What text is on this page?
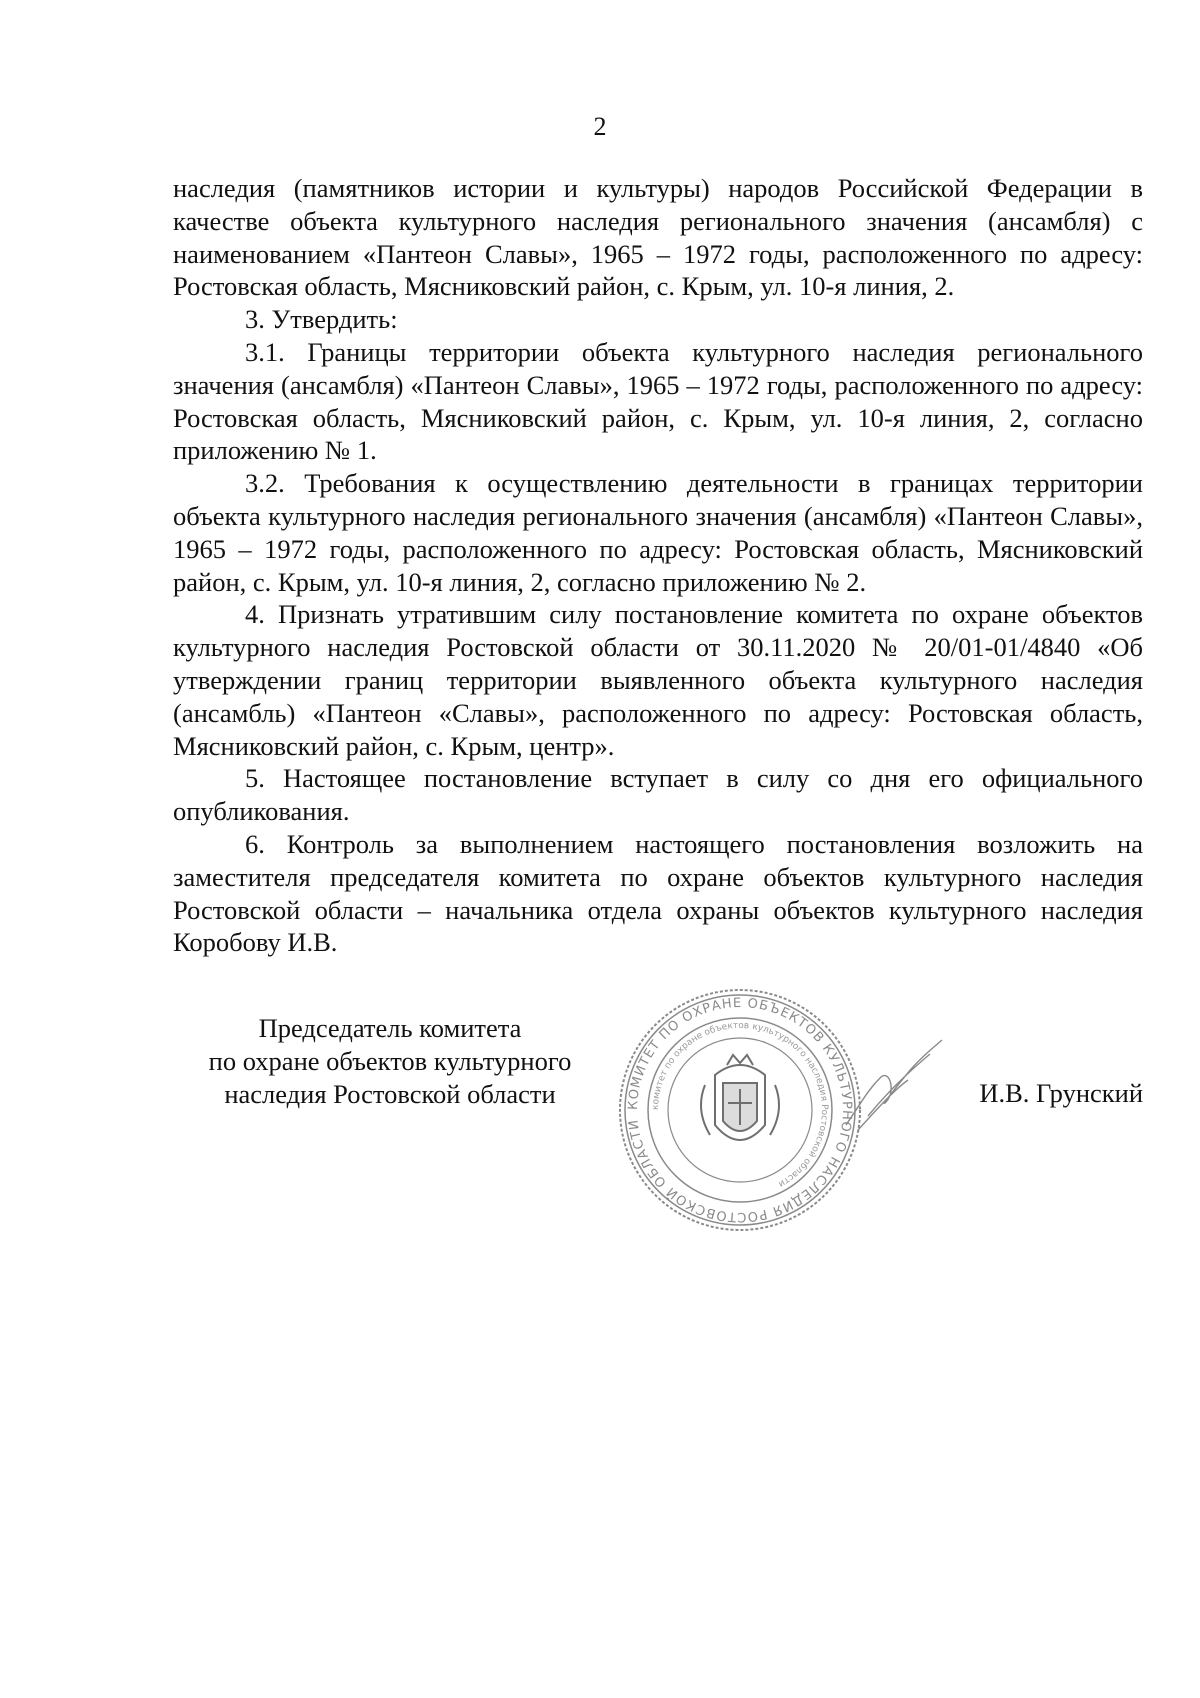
2

наследия (памятников истории и культуры) народов Российской Федерации в качестве объекта культурного наследия регионального значения (ансамбля) с наименованием «Пантеон Славы», 1965 – 1972 годы, расположенного по адресу: Ростовская область, Мясниковский район, с. Крым, ул. 10-я линия, 2.

3. Утвердить:

3.1. Границы территории объекта культурного наследия регионального значения (ансамбля) «Пантеон Славы», 1965 – 1972 годы, расположенного по адресу: Ростовская область, Мясниковский район, с. Крым, ул. 10-я линия, 2, согласно приложению № 1.

3.2. Требования к осуществлению деятельности в границах территории объекта культурного наследия регионального значения (ансамбля) «Пантеон Славы», 1965 – 1972 годы, расположенного по адресу: Ростовская область, Мясниковский район, с. Крым, ул. 10-я линия, 2, согласно приложению № 2.

4. Признать утратившим силу постановление комитета по охране объектов культурного наследия Ростовской области от 30.11.2020 № 20/01-01/4840 «Об утверждении границ территории выявленного объекта культурного наследия (ансамбль) «Пантеон «Славы», расположенного по адресу: Ростовская область, Мясниковский район, с. Крым, центр».

5. Настоящее постановление вступает в силу со дня его официального опубликования.

6. Контроль за выполнением настоящего постановления возложить на заместителя председателя комитета по охране объектов культурного наследия Ростовской области – начальника отдела охраны объектов культурного наследия Коробову И.В.

Председатель комитета
по охране объектов культурного
наследия Ростовской области	КОМИТЕТ ПО ОХРАНЕ ОБЪЕКТОВ КУЛЬТУРНОГО НАСЛЕДИЯ РОСТОВСКОЙ ОБЛАСТИ
комитет по охране объектов культурного наследия Ростовской области
И.В. Грунский
